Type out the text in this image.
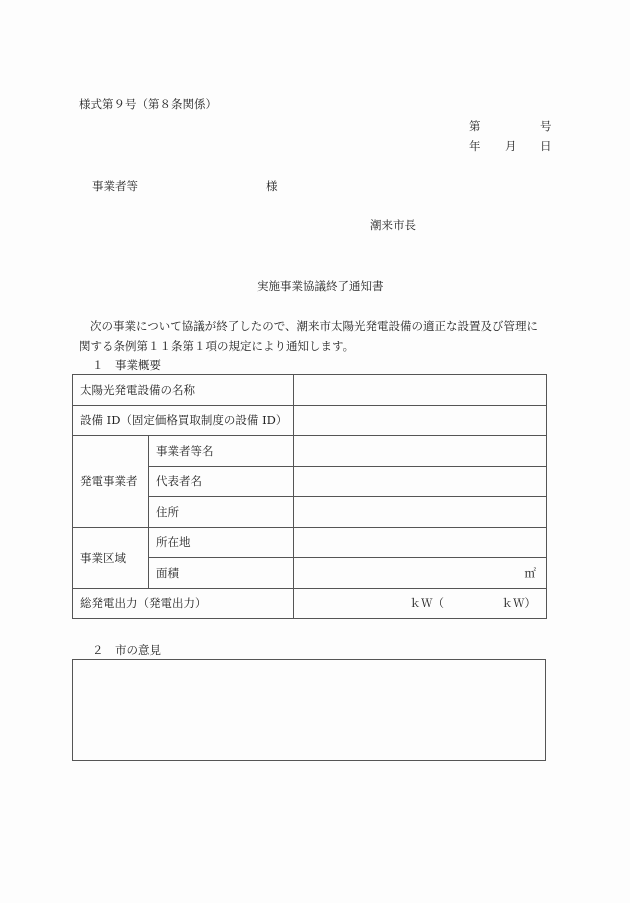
様式第９号（第８条関係）
第	号
年 月 日
事業者等	様
潮来市長
実施事業協議終了通知書
次の事業について協議が終了したので、潮来市太陽光発電設備の適正な設置及び管理に
関する条例第１１条第１項の規定により通知します。
１　事業概要
太陽光発電設備の名称		
設備 ID（固定価格買取制度の設備 ID）		
発電事業者	事業者等名	
	代表者名	
	住所	
事業区域	所在地	
	面積	㎡
総発電出力（発電出力）		ｋＷ（　　　　　ｋＷ）
２　市の意見
